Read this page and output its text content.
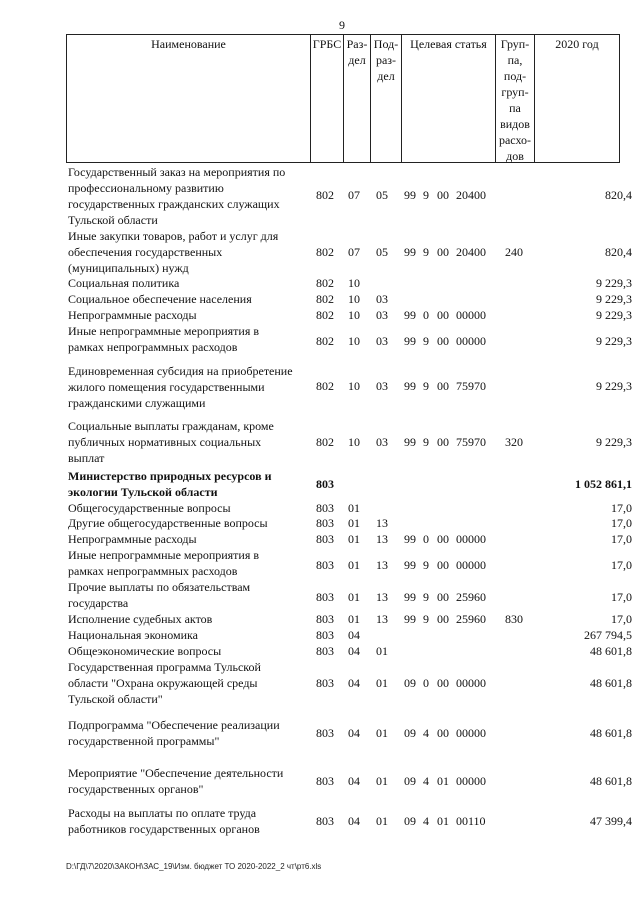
9
Наименование	ГРБС Раз-
дел
Под-
раз-
дел
Целевая статья	Груп-
па,
под-
груп-
па
видов
расхо-
дов
2020 год
Государственный заказ на мероприятия по
профессиональному развитию
государственных гражданских служащих
Тульской области
802 07 05 99 9 00 20400	820,4
Иные закупки товаров, работ и услуг для
обеспечения государственных
(муниципальных) нужд
802 07 05 99 9 00 20400 240	820,4
Социальная политика	802 10	9 229,3
Социальное обеспечение населения	802 10 03	9 229,3
Непрограммные расходы	802 10 03 99 0 00 00000	9 229,3
Иные непрограммные мероприятия в
рамках непрограммных расходов	802 10 03 99 9 00 00000	9 229,3
Единовременная субсидия на приобретение
жилого помещения государственными
гражданскими служащими
802 10 03 99 9 00 75970	9 229,3
Социальные выплаты гражданам, кроме
публичных нормативных социальных
выплат
802 10 03 99 9 00 75970 320	9 229,3
Министерство природных ресурсов и
экологии Тульской области
803	1 052 861,1
Общегосударственные вопросы	803 01	17,0
Другие общегосударственные вопросы	803 01 13	17,0
Непрограммные расходы	803 01 13 99 0 00 00000	17,0
Иные непрограммные мероприятия в
рамках непрограммных расходов	803 01 13 99 9 00 00000	17,0
Прочие выплаты по обязательствам
государства	803 01 13 99 9 00 25960	17,0
Исполнение судебных актов	803 01 13 99 9 00 25960 830	17,0
Национальная экономика	803 04	267 794,5
Общеэкономические вопросы	803 04 01	48 601,8
Государственная программа Тульской
области "Охрана окружающей среды
Тульской области"
803 04 01 09 0 00 00000	48 601,8
Подпрограмма "Обеспечение реализации
государственной программы"
803 04 01 09 4 00 00000	48 601,8
Мероприятие "Обеспечение деятельности
государственных органов"
803 04 01 09 4 01 00000	48 601,8
Расходы на выплаты по оплате труда
работников государственных органов
803 04 01 09 4 01 00110	47 399,4
D:\ГД\7\2020\ЗАКОН\ЗАС_19\Изм. бюджет ТО 2020-2022_2 чт\рт6.xls
